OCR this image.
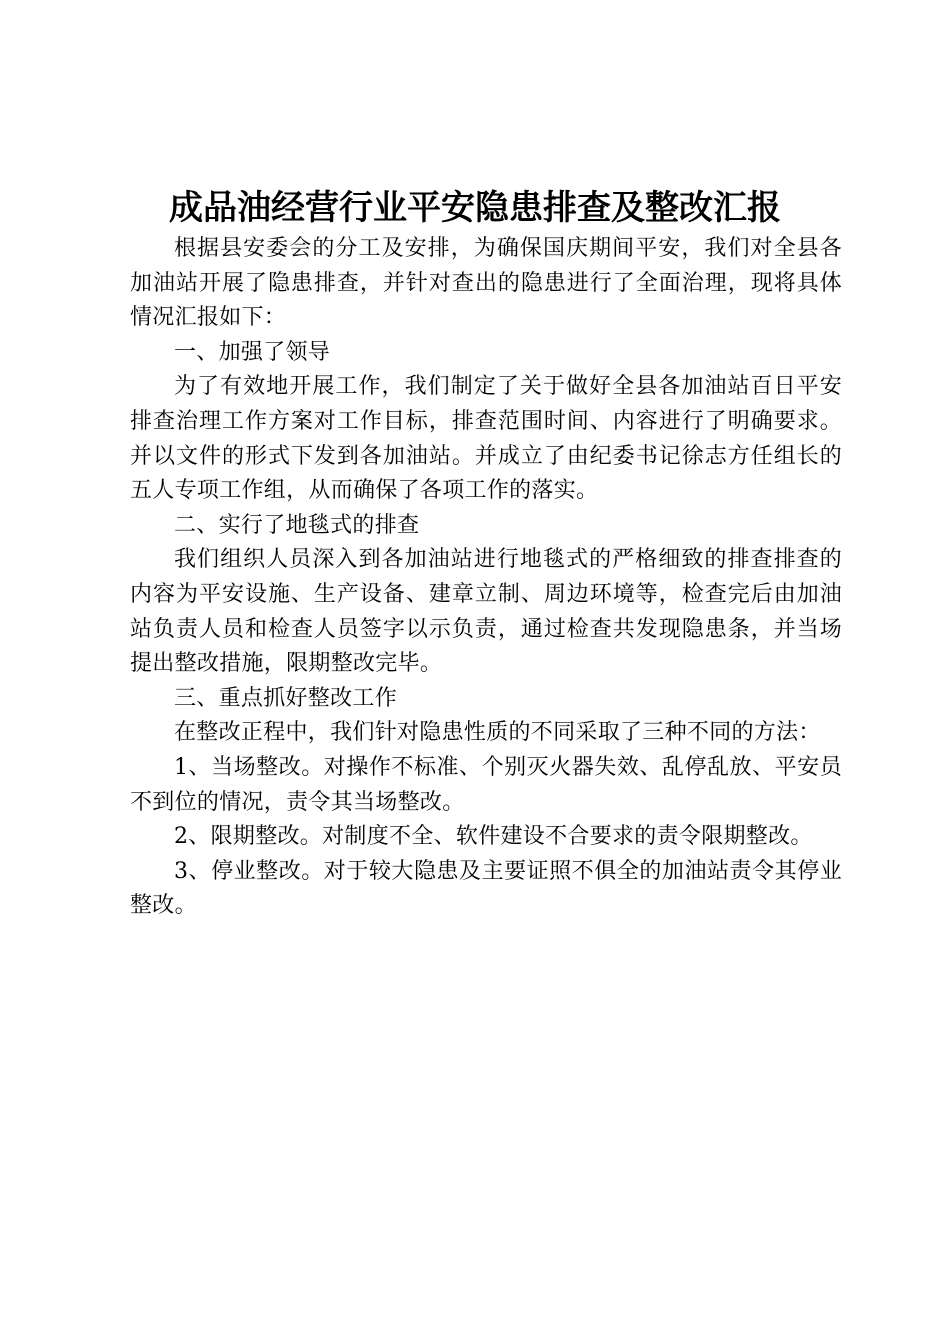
成品油经营行业平安隐患排查及整改汇报

根据县安委会的分工及安排，为确保国庆期间平安，我们对全县各加油站开展了隐患排查，并针对查出的隐患进行了全面治理，现将具体情况汇报如下：

一、加强了领导

为了有效地开展工作，我们制定了关于做好全县各加油站百日平安排查治理工作方案对工作目标，排查范围时间、内容进行了明确要求。并以文件的形式下发到各加油站。并成立了由纪委书记徐志方任组长的五人专项工作组，从而确保了各项工作的落实。

二、实行了地毯式的排查

我们组织人员深入到各加油站进行地毯式的严格细致的排查排查的内容为平安设施、生产设备、建章立制、周边环境等，检查完后由加油站负责人员和检查人员签字以示负责，通过检查共发现隐患条，并当场提出整改措施，限期整改完毕。

三、重点抓好整改工作

在整改正程中，我们针对隐患性质的不同采取了三种不同的方法：

1、当场整改。对操作不标准、个别灭火器失效、乱停乱放、平安员不到位的情况，责令其当场整改。

2、限期整改。对制度不全、软件建设不合要求的责令限期整改。

3、停业整改。对于较大隐患及主要证照不俱全的加油站责令其停业整改。
